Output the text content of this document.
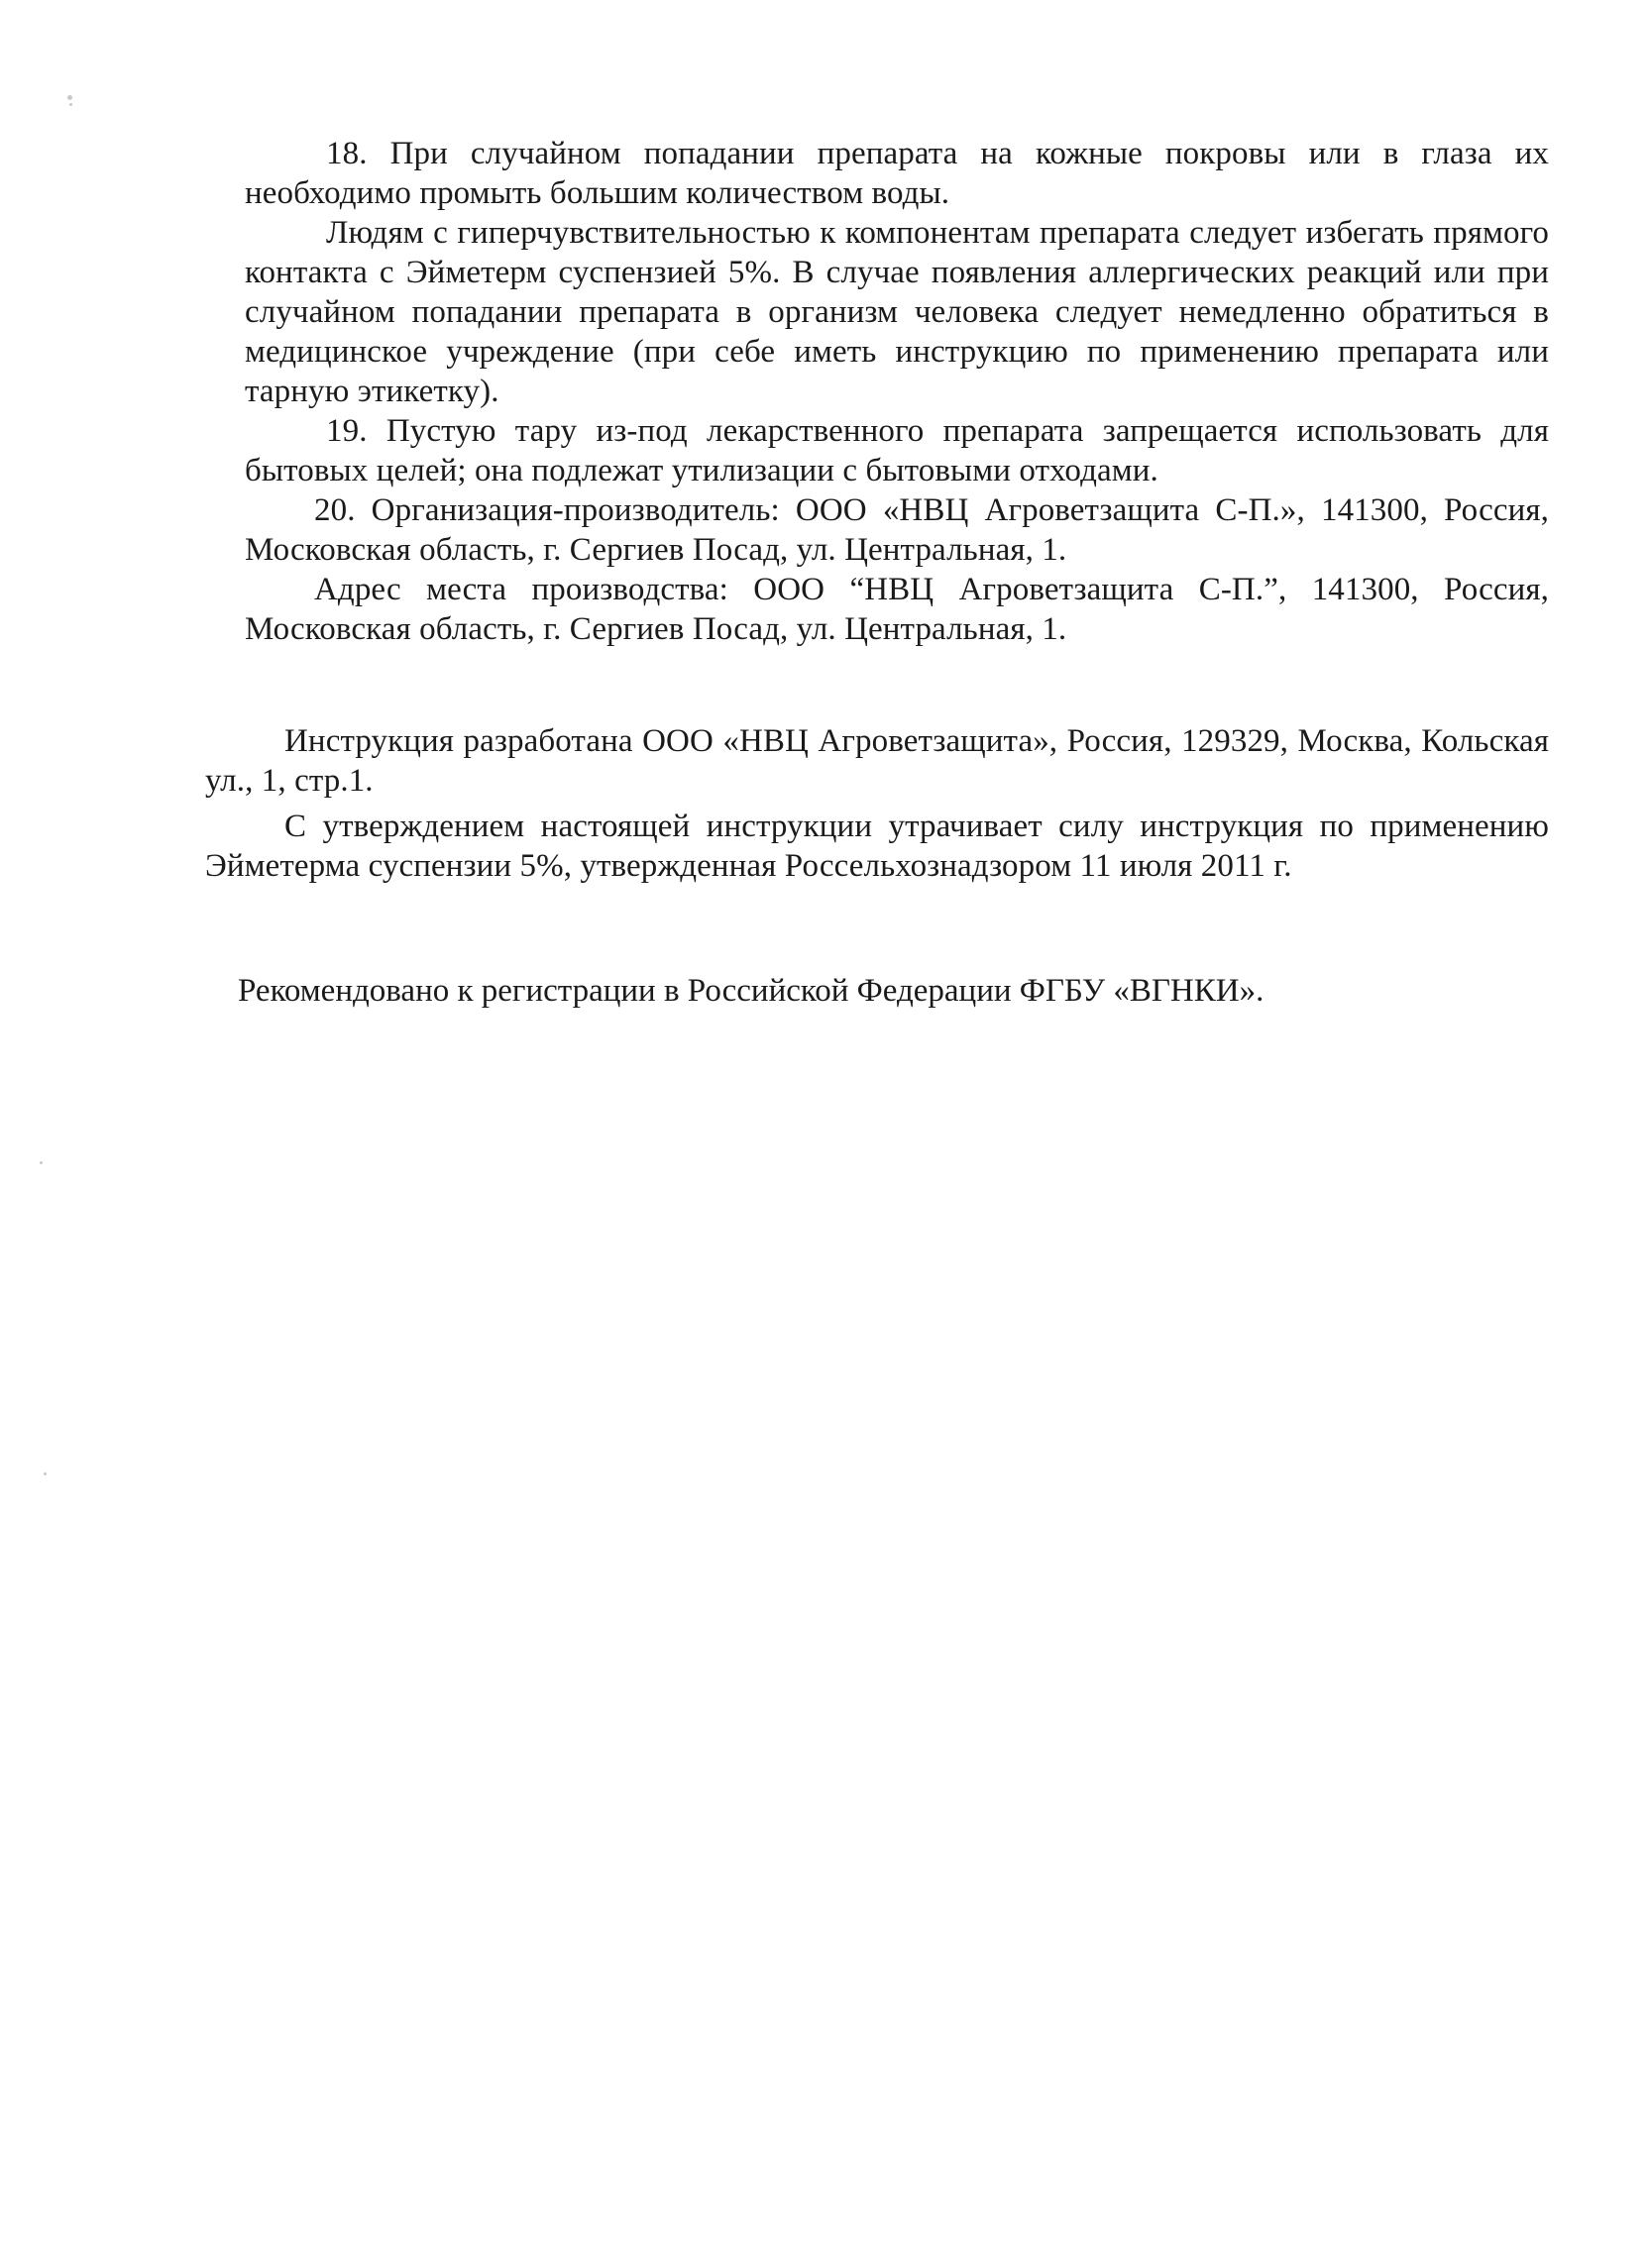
18. При случайном попадании препарата на кожные покровы или в глаза их необходимо промыть большим количеством воды.

Людям с гиперчувствительностью к компонентам препарата следует избегать прямого контакта с Эйметерм суспензией 5%. В случае появления аллергических реакций или при случайном попадании препарата в организм человека следует немедленно обратиться в медицинское учреждение (при себе иметь инструкцию по применению препарата или тарную этикетку).

19. Пустую тару из-под лекарственного препарата запрещается использовать для бытовых целей; она подлежат утилизации с бытовыми отходами.

20. Организация-производитель: ООО «НВЦ Агроветзащита С-П.», 141300, Россия, Московская область, г. Сергиев Посад, ул. Центральная, 1.

Адрес места производства: ООО “НВЦ Агроветзащита С-П.”, 141300, Россия, Московская область, г. Сергиев Посад, ул. Центральная, 1.

Инструкция разработана ООО «НВЦ Агроветзащита», Россия, 129329, Москва, Кольская ул., 1, стр.1.

С утверждением настоящей инструкции утрачивает силу инструкция по применению Эйметерма суспензии 5%, утвержденная Россельхознадзором 11 июля 2011 г.

Рекомендовано к регистрации в Российской Федерации ФГБУ «ВГНКИ».
